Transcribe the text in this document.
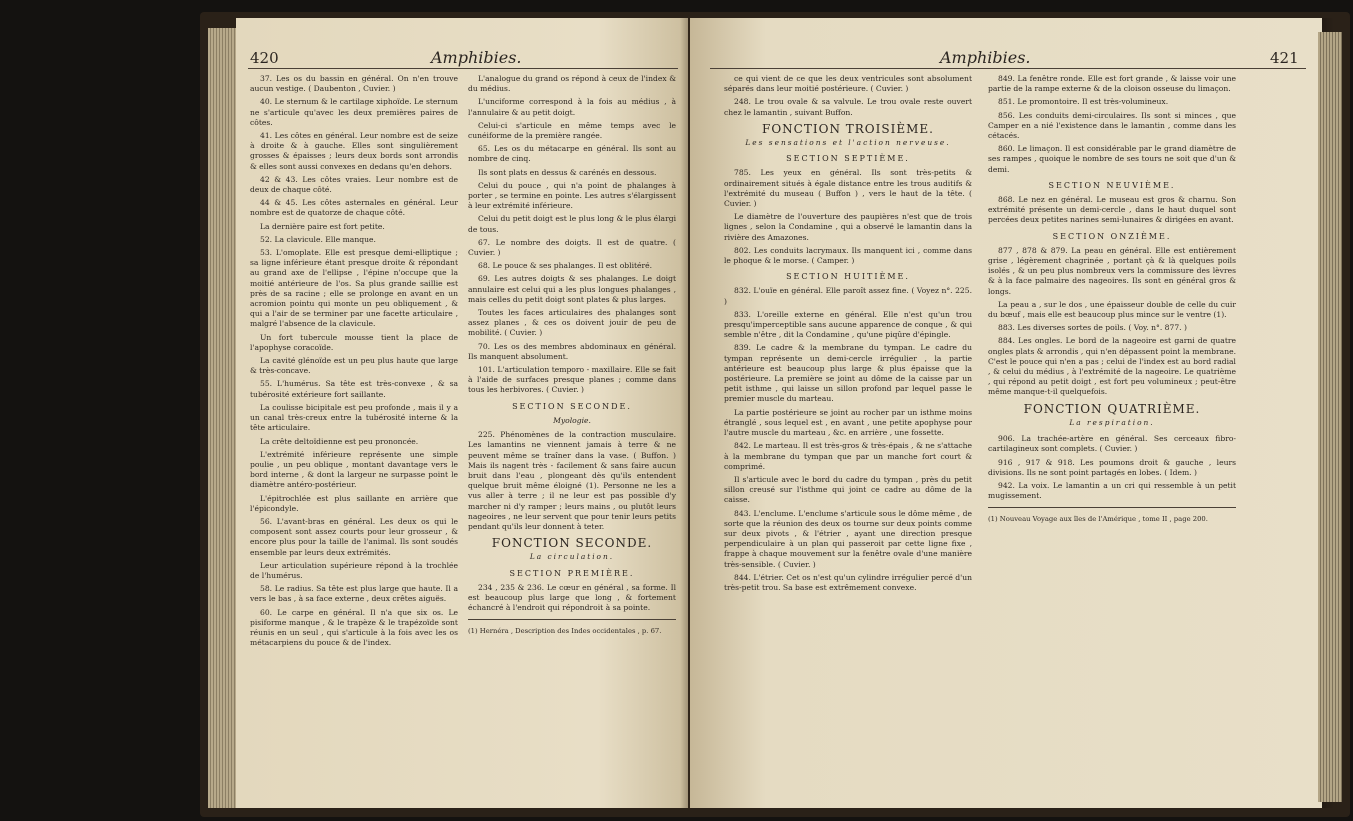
420	Amphibies.

37. Les os du bassin en général. On n'en trouve aucun vestige. ( Daubenton , Cuvier. )

40. Le sternum & le cartilage xiphoïde. Le sternum ne s'articule qu'avec les deux premières paires de côtes.

41. Les côtes en général. Leur nombre est de seize à droite & à gauche. Elles sont singulièrement grosses & épaisses ; leurs deux bords sont arrondis & elles sont aussi convexes en dedans qu'en dehors.

42 & 43. Les côtes vraies. Leur nombre est de deux de chaque côté.

44 & 45. Les côtes asternales en général. Leur nombre est de quatorze de chaque côté.

La dernière paire est fort petite.

52. La clavicule. Elle manque.

53. L'omoplate. Elle est presque demi-elliptique ; sa ligne inférieure étant presque droite & répondant au grand axe de l'ellipse , l'épine n'occupe que la moitié antérieure de l'os. Sa plus grande saillie est près de sa racine ; elle se prolonge en avant en un acromion pointu qui monte un peu obliquement , & qui a l'air de se terminer par une facette articulaire , malgré l'absence de la clavicule.

Un fort tubercule mousse tient la place de l'apophyse coracoïde.

La cavité glénoïde est un peu plus haute que large & très-concave.

55. L'humérus. Sa tête est très-convexe , & sa tubérosité extérieure fort saillante.

La coulisse bicipitale est peu profonde , mais il y a un canal très-creux entre la tubérosité interne & la tête articulaire.

La crête deltoïdienne est peu prononcée.

L'extrémité inférieure représente une simple poulie , un peu oblique , montant davantage vers le bord interne , & dont la largeur ne surpasse point le diamètre antéro-postérieur.

L'épitrochlée est plus saillante en arrière que l'épicondyle.

56. L'avant-bras en général. Les deux os qui le composent sont assez courts pour leur grosseur , & encore plus pour la taille de l'animal. Ils sont soudés ensemble par leurs deux extrémités.

Leur articulation supérieure répond à la trochlée de l'humérus.

58. Le radius. Sa tête est plus large que haute. Il a vers le bas , à sa face externe , deux crêtes aiguës.

60. Le carpe en général. Il n'a que six os. Le pisiforme manque , & le trapèze & le trapézoïde sont réunis en un seul , qui s'articule à la fois avec les os métacarpiens du pouce & de l'index.

L'analogue du grand os répond à ceux de l'index & du médius.

L'unciforme correspond à la fois au médius , à l'annulaire & au petit doigt.

Celui-ci s'articule en même temps avec le cunéiforme de la première rangée.

65. Les os du métacarpe en général. Ils sont au nombre de cinq.

Ils sont plats en dessus & carénés en dessous.

Celui du pouce , qui n'a point de phalanges à porter , se termine en pointe. Les autres s'élargissent à leur extrémité inférieure.

Celui du petit doigt est le plus long & le plus élargi de tous.

67. Le nombre des doigts. Il est de quatre. ( Cuvier. )

68. Le pouce & ses phalanges. Il est oblitéré.

69. Les autres doigts & ses phalanges. Le doigt annulaire est celui qui a les plus longues phalanges , mais celles du petit doigt sont plates & plus larges.

Toutes les faces articulaires des phalanges sont assez planes , & ces os doivent jouir de peu de mobilité. ( Cuvier. )

70. Les os des membres abdominaux en général. Ils manquent absolument.

101. L'articulation temporo - maxillaire. Elle se fait à l'aide de surfaces presque planes ; comme dans tous les herbivores. ( Cuvier. )

SECTION SECONDE.

Myologie.

225. Phénomènes de la contraction musculaire. Les lamantins ne viennent jamais à terre & ne peuvent même se traîner dans la vase. ( Buffon. ) Mais ils nagent très - facilement & sans faire aucun bruit dans l'eau , plongeant dès qu'ils entendent quelque bruit même éloigné (1). Personne ne les a vus aller à terre ; il ne leur est pas possible d'y marcher ni d'y ramper ; leurs mains , ou plutôt leurs nageoires , ne leur servent que pour tenir leurs petits pendant qu'ils leur donnent à teter.

FONCTION SECONDE.

La circulation.

SECTION PREMIÈRE.

234 , 235 & 236. Le cœur en général , sa forme. Il est beaucoup plus large que long , & fortement échancré à l'endroit qui répondroit à sa pointe.

(1) Hernéra , Description des Indes occidentales , p. 67.

Amphibies.	421

ce qui vient de ce que les deux ventricules sont absolument séparés dans leur moitié postérieure. ( Cuvier. )

248. Le trou ovale & sa valvule. Le trou ovale reste ouvert chez le lamantin , suivant Buffon.

FONCTION TROISIÈME.

Les sensations et l'action nerveuse.

SECTION SEPTIÈME.

785. Les yeux en général. Ils sont très-petits & ordinairement situés à égale distance entre les trous auditifs & l'extrémité du museau ( Buffon ) , vers le haut de la tête. ( Cuvier. )

Le diamètre de l'ouverture des paupières n'est que de trois lignes , selon la Condamine , qui a observé le lamantin dans la rivière des Amazones.

802. Les conduits lacrymaux. Ils manquent ici , comme dans le phoque & le morse. ( Camper. )

SECTION HUITIÈME.

832. L'ouïe en général. Elle paroît assez fine. ( Voyez n°. 225. )

833. L'oreille externe en général. Elle n'est qu'un trou presqu'imperceptible sans aucune apparence de conque , & qui semble n'être , dit la Condamine , qu'une piqûre d'épingle.

839. Le cadre & la membrane du tympan. Le cadre du tympan représente un demi-cercle irrégulier , la partie antérieure est beaucoup plus large & plus épaisse que la postérieure. La première se joint au dôme de la caisse par un petit isthme , qui laisse un sillon profond par lequel passe le premier muscle du marteau.

La partie postérieure se joint au rocher par un isthme moins étranglé , sous lequel est , en avant , une petite apophyse pour l'autre muscle du marteau , &c. en arrière , une fossette.

842. Le marteau. Il est très-gros & très-épais , & ne s'attache à la membrane du tympan que par un manche fort court & comprimé.

Il s'articule avec le bord du cadre du tympan , près du petit sillon creusé sur l'isthme qui joint ce cadre au dôme de la caisse.

843. L'enclume. L'enclume s'articule sous le dôme même , de sorte que la réunion des deux os tourne sur deux points comme sur deux pivots , & l'étrier , ayant une direction presque perpendiculaire à un plan qui passeroit par cette ligne fixe , frappe à chaque mouvement sur la fenêtre ovale d'une manière très-sensible. ( Cuvier. )

844. L'étrier. Cet os n'est qu'un cylindre irrégulier percé d'un très-petit trou. Sa base est extrêmement convexe.

849. La fenêtre ronde. Elle est fort grande , & laisse voir une partie de la rampe externe & de la cloison osseuse du limaçon.

851. Le promontoire. Il est très-volumineux.

856. Les conduits demi-circulaires. Ils sont si minces , que Camper en a nié l'existence dans le lamantin , comme dans les cétacés.

860. Le limaçon. Il est considérable par le grand diamètre de ses rampes , quoique le nombre de ses tours ne soit que d'un & demi.

SECTION NEUVIÈME.

868. Le nez en général. Le museau est gros & charnu. Son extrémité présente un demi-cercle , dans le haut duquel sont percées deux petites narines semi-lunaires & dirigées en avant.

SECTION ONZIÈME.

877 , 878 & 879. La peau en général. Elle est entièrement grise , légèrement chagrinée , portant çà & là quelques poils isolés , & un peu plus nombreux vers la commissure des lèvres & à la face palmaire des nageoires. Ils sont en général gros & longs.

La peau a , sur le dos , une épaisseur double de celle du cuir du bœuf , mais elle est beaucoup plus mince sur le ventre (1).

883. Les diverses sortes de poils. ( Voy. n°. 877. )

884. Les ongles. Le bord de la nageoire est garni de quatre ongles plats & arrondis , qui n'en dépassent point la membrane. C'est le pouce qui n'en a pas ; celui de l'index est au bord radial , & celui du médius , à l'extrémité de la nageoire. Le quatrième , qui répond au petit doigt , est fort peu volumineux ; peut-être même manque-t-il quelquefois.

FONCTION QUATRIÈME.

La respiration.

906. La trachée-artère en général. Ses cerceaux fibro-cartilagineux sont complets. ( Cuvier. )

916 , 917 & 918. Les poumons droit & gauche , leurs divisions. Ils ne sont point partagés en lobes. ( Idem. )

942. La voix. Le lamantin a un cri qui ressemble à un petit mugissement.

(1) Nouveau Voyage aux îles de l'Amérique , tome II , page 200.
